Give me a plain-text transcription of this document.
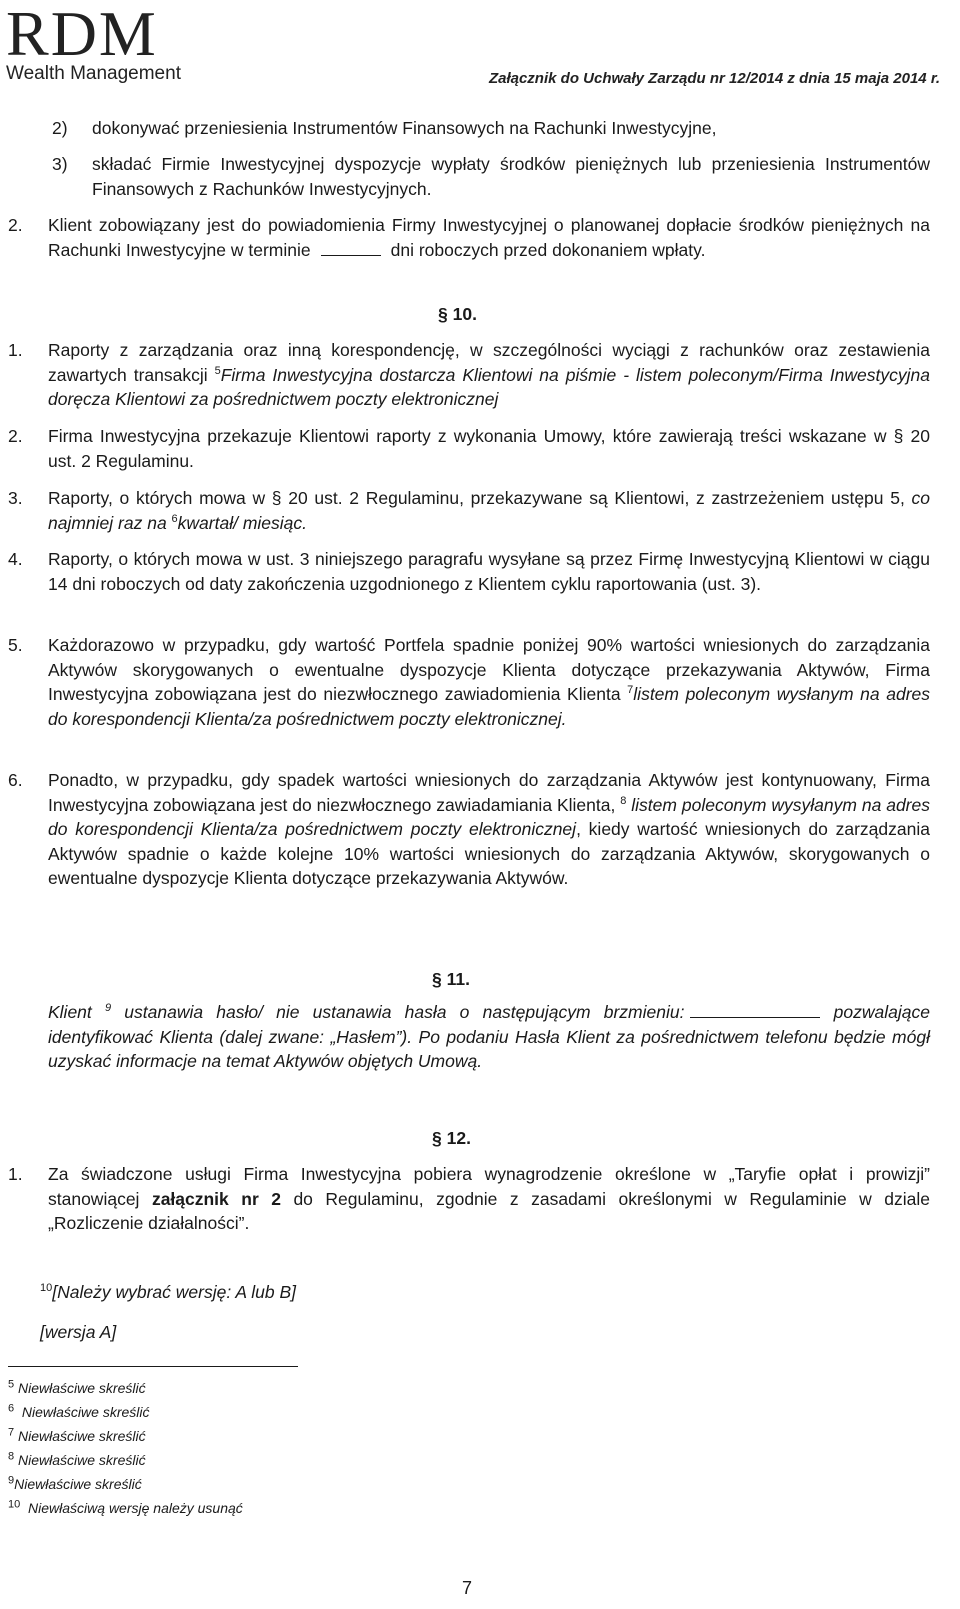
RDM
Wealth Management	Załącznik do Uchwały Zarządu nr 12/2014 z dnia 15 maja 2014 r.
2) dokonywać przeniesienia Instrumentów Finansowych na Rachunki Inwestycyjne,
3) składać Firmie Inwestycyjnej dyspozycje wypłaty środków pieniężnych lub przeniesienia Instrumentów Finansowych z Rachunków Inwestycyjnych.
2. Klient zobowiązany jest do powiadomienia Firmy Inwestycyjnej o planowanej dopłacie środków pieniężnych na Rachunki Inwestycyjne w terminie	dni roboczych przed dokonaniem wpłaty.
§ 10.
1. Raporty z zarządzania oraz inną korespondencję, w szczególności wyciągi z rachunków oraz zestawienia zawartych transakcji $^5$Firma Inwestycyjna dostarcza Klientowi na piśmie - listem poleconym/Firma Inwestycyjna doręcza Klientowi za pośrednictwem poczty elektronicznej
2. Firma Inwestycyjna przekazuje Klientowi raporty z wykonania Umowy, które zawierają treści wskazane w § 20 ust. 2 Regulaminu.
3. Raporty, o których mowa w § 20 ust. 2 Regulaminu, przekazywane są Klientowi, z zastrzeżeniem ustępu 5, co najmniej raz na $^6$kwartał/ miesiąc.
4. Raporty, o których mowa w ust. 3 niniejszego paragrafu wysyłane są przez Firmę Inwestycyjną Klientowi w ciągu 14 dni roboczych od daty zakończenia uzgodnionego z Klientem cyklu raportowania (ust. 3).
5. Każdorazowo w przypadku, gdy wartość Portfela spadnie poniżej 90% wartości wniesionych do zarządzania Aktywów skorygowanych o ewentualne dyspozycje Klienta dotyczące przekazywania Aktywów, Firma Inwestycyjna zobowiązana jest do niezwłocznego zawiadomienia Klienta $^7$listem poleconym wysłanym na adres do korespondencji Klienta/za pośrednictwem poczty elektronicznej.
6. Ponadto, w przypadku, gdy spadek wartości wniesionych do zarządzania Aktywów jest kontynuowany, Firma Inwestycyjna zobowiązana jest do niezwłocznego zawiadamiania Klienta, $^8$ listem poleconym wysyłanym na adres do korespondencji Klienta/za pośrednictwem poczty elektronicznej, kiedy wartość wniesionych do zarządzania Aktywów spadnie o każde kolejne 10% wartości wniesionych do zarządzania Aktywów, skorygowanych o ewentualne dyspozycje Klienta dotyczące przekazywania Aktywów.
§ 11.
Klient $^9$ ustanawia hasło/ nie ustanawia hasła o następującym brzmieniu:	pozwalające identyfikować Klienta (dalej zwane: „Hasłem”). Po podaniu Hasła Klient za pośrednictwem telefonu będzie mógł uzyskać informacje na temat Aktywów objętych Umową.
§ 12.
1. Za świadczone usługi Firma Inwestycyjna pobiera wynagrodzenie określone w „Taryfie opłat i prowizji” stanowiącej załącznik nr 2 do Regulaminu, zgodnie z zasadami określonymi w Regulaminie w dziale „Rozliczenie działalności”.
$^{10}$[Należy wybrać wersję: A lub B]
[wersja A]
$^5$ Niewłaściwe skreślić
$^6$ Niewłaściwe skreślić
$^7$ Niewłaściwe skreślić
$^8$ Niewłaściwe skreślić
$^9$Niewłaściwe skreślić
$^{10}$ Niewłaściwą wersję należy usunąć
7
